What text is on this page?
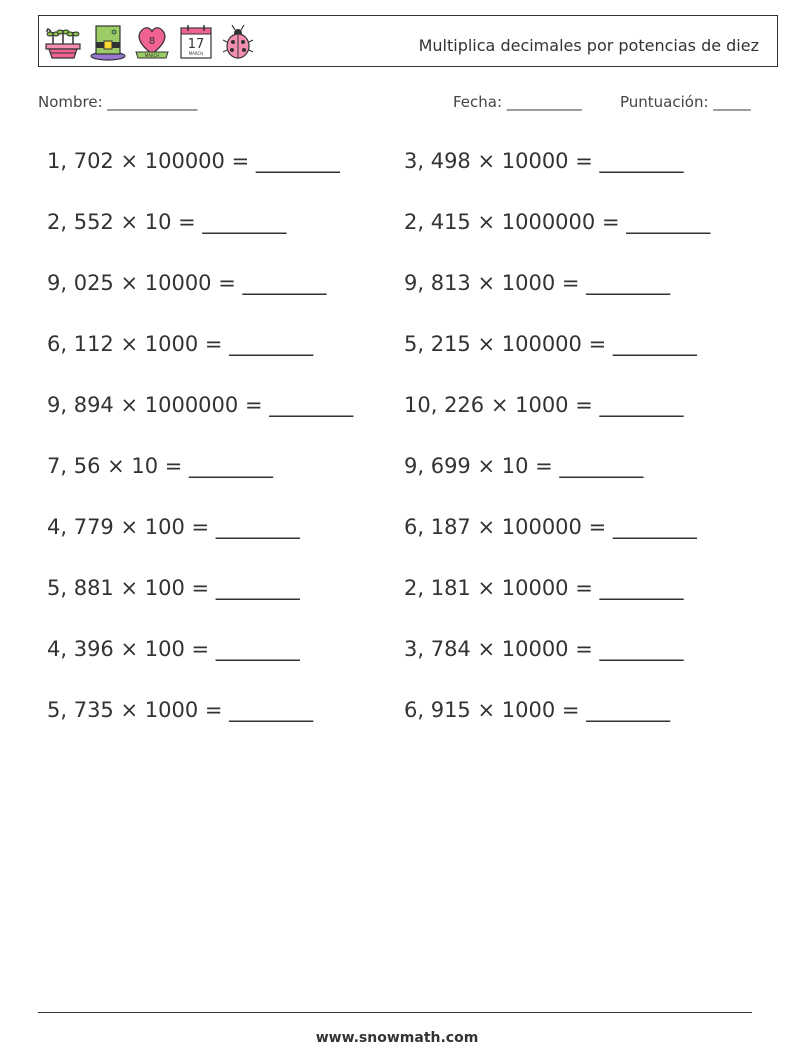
8
MARCH
17
MARCH	Multiplica decimales por potencias de diez
Nombre: ____________	Fecha: __________	Puntuación: _____
1, 702 × 100000 = ________	3, 498 × 10000 = ________
2, 552 × 10 = ________	2, 415 × 1000000 = ________
9, 025 × 10000 = ________	9, 813 × 1000 = ________
6, 112 × 1000 = ________	5, 215 × 100000 = ________
9, 894 × 1000000 = ________ 10, 226 × 1000 = ________
7, 56 × 10 = ________	9, 699 × 10 = ________
4, 779 × 100 = ________	6, 187 × 100000 = ________
5, 881 × 100 = ________	2, 181 × 10000 = ________
4, 396 × 100 = ________	3, 784 × 10000 = ________
5, 735 × 1000 = ________	6, 915 × 1000 = ________
www.snowmath.com
